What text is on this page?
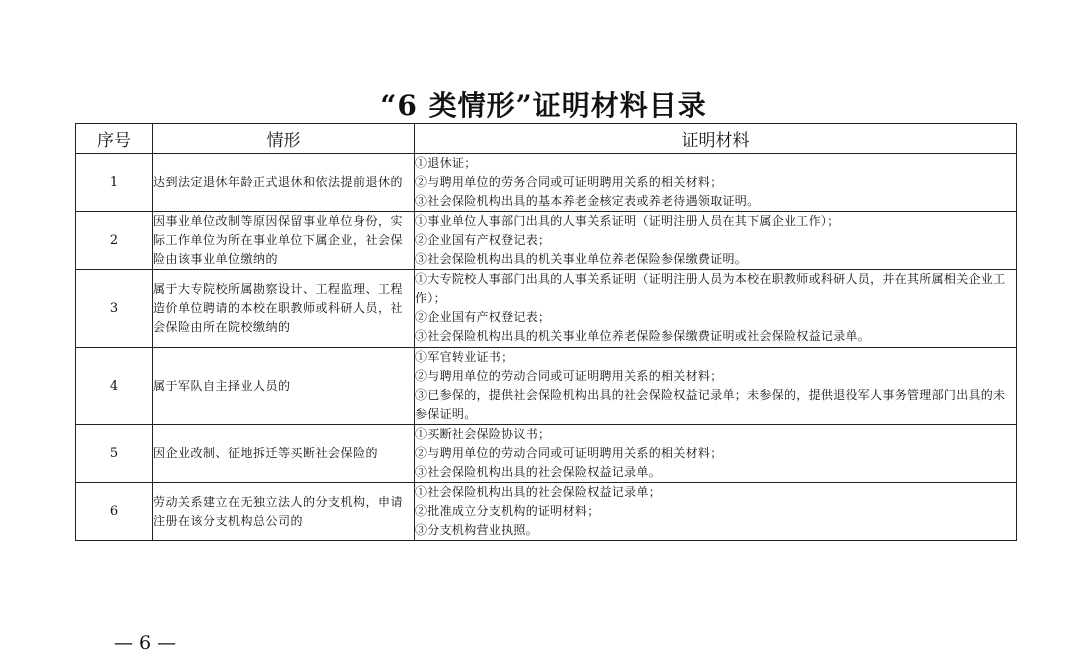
“6 类情形”证明材料目录
序号	情形	证明材料
1	达到法定退休年龄正式退休和依法提前退休的	①退休证；
②与聘用单位的劳务合同或可证明聘用关系的相关材料；
③社会保险机构出具的基本养老金核定表或养老待遇领取证明。

2	因事业单位改制等原因保留事业单位身份，实际工作单位为所在事业单位下属企业，社会保险由该事业单位缴纳的	①事业单位人事部门出具的人事关系证明（证明注册人员在其下属企业工作）；
②企业国有产权登记表；
③社会保险机构出具的机关事业单位养老保险参保缴费证明。

3	属于大专院校所属勘察设计、工程监理、工程造价单位聘请的本校在职教师或科研人员，社会保险由所在院校缴纳的	①大专院校人事部门出具的人事关系证明（证明注册人员为本校在职教师或科研人员，并在其所属相关企业工作）；
②企业国有产权登记表；
③社会保险机构出具的机关事业单位养老保险参保缴费证明或社会保险权益记录单。

4	属于军队自主择业人员的	①军官转业证书；
②与聘用单位的劳动合同或可证明聘用关系的相关材料；
③已参保的，提供社会保险机构出具的社会保险权益记录单；未参保的，提供退役军人事务管理部门出具的未参保证明。

5	因企业改制、征地拆迁等买断社会保险的	①买断社会保险协议书；
②与聘用单位的劳动合同或可证明聘用关系的相关材料；
③社会保险机构出具的社会保险权益记录单。

6	劳动关系建立在无独立法人的分支机构，申请注册在该分支机构总公司的	①社会保险机构出具的社会保险权益记录单；
②批准成立分支机构的证明材料；
③分支机构营业执照。
— 6 —
